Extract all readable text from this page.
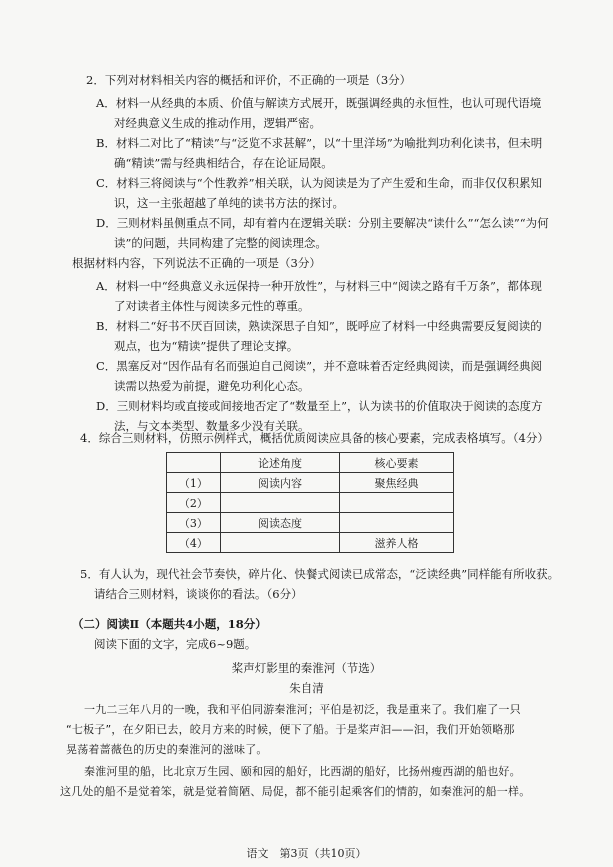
2．下列对材料相关内容的概括和评价，不正确的一项是（3分）
A．材料一从经典的本质、价值与解读方式展开，既强调经典的永恒性，也认可现代语境
对经典意义生成的推动作用，逻辑严密。
B．材料二对比了“精读”与“泛览不求甚解”，以“十里洋场”为喻批判功利化读书，但未明
确“精读”需与经典相结合，存在论证局限。
C．材料三将阅读与“个性教养”相关联，认为阅读是为了产生爱和生命，而非仅仅积累知
识，这一主张超越了单纯的读书方法的探讨。
D．三则材料虽侧重点不同，却有着内在逻辑关联：分别主要解决“读什么”“怎么读”“为何
读”的问题，共同构建了完整的阅读理念。
根据材料内容，下列说法不正确的一项是（3分）
A．材料一中“经典意义永远保持一种开放性”，与材料三中“阅读之路有千万条”，都体现
了对读者主体性与阅读多元性的尊重。
B．材料二“好书不厌百回读，熟读深思子自知”，既呼应了材料一中经典需要反复阅读的
观点，也为“精读”提供了理论支撑。
C．黑塞反对“因作品有名而强迫自己阅读”，并不意味着否定经典阅读，而是强调经典阅
读需以热爱为前提，避免功利化心态。
D．三则材料均或直接或间接地否定了“数量至上”，认为读书的价值取决于阅读的态度方
法，与文本类型、数量多少没有关联。
4．综合三则材料，仿照示例样式，概括优质阅读应具备的核心要素，完成表格填写。（4分）
	论述角度	核心要素
（1）	阅读内容	聚焦经典
（2）		
（3）	阅读态度	
（4）		滋养人格
5．有人认为，现代社会节奏快，碎片化、快餐式阅读已成常态，“泛读经典”同样能有所收获。
请结合三则材料，谈谈你的看法。（6分）
（二）阅读Ⅱ（本题共4小题，18分）
阅读下面的文字，完成6~9题。
桨声灯影里的秦淮河（节选）
朱自清
一九二三年八月的一晚，我和平伯同游秦淮河；平伯是初泛，我是重来了。我们雇了一只
“七板子”，在夕阳已去，皎月方来的时候，便下了船。于是桨声汩——汩，我们开始领略那
晃荡着蔷薇色的历史的秦淮河的滋味了。
秦淮河里的船，比北京万生园、颐和园的船好，比西湖的船好，比扬州瘦西湖的船也好。
这几处的船不是觉着笨，就是觉着简陋、局促，都不能引起乘客们的情韵，如秦淮河的船一样。
语文　第3页（共10页）
